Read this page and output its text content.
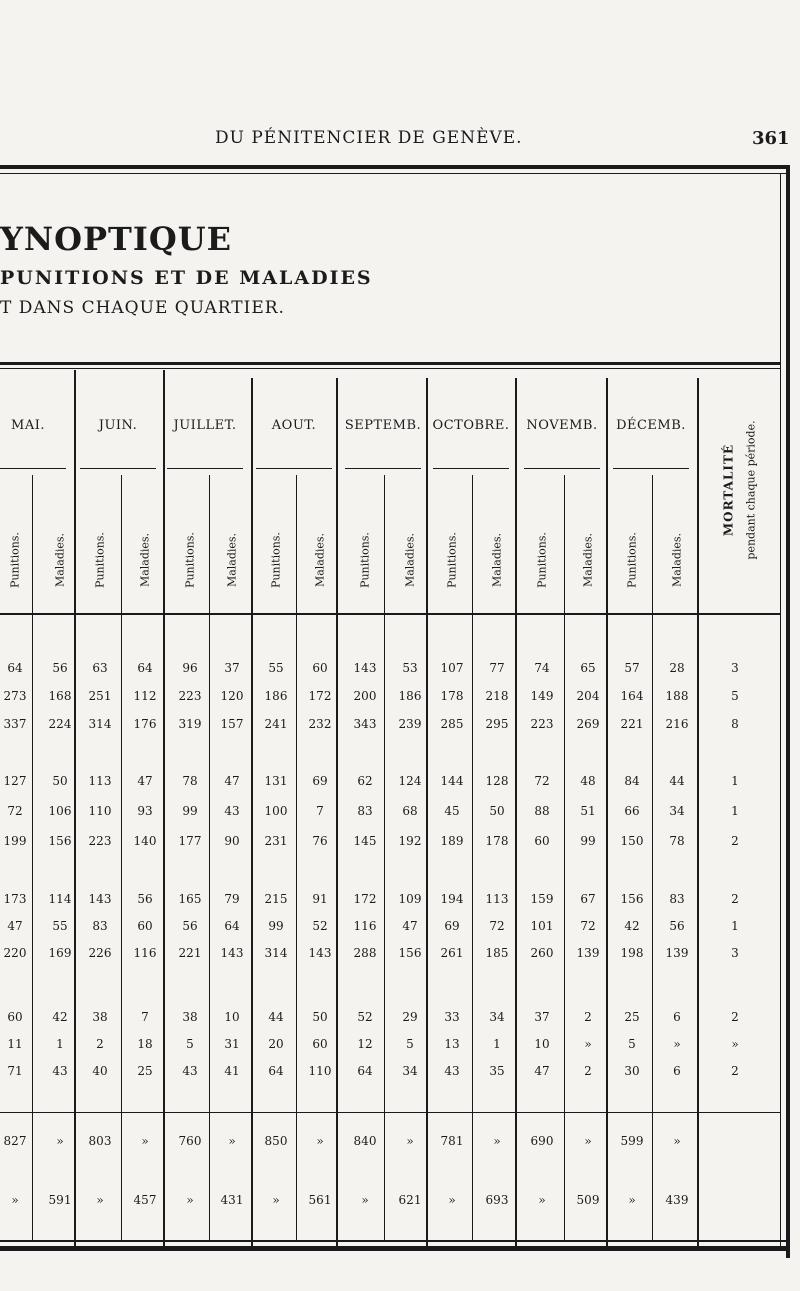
DU PÉNITENCIER DE GENÈVE.	361
YNOPTIQUE
PUNITIONS ET DE MALADIES
T DANS CHAQUE QUARTIER.
MAI.	JUIN.	JUILLET.	AOUT.	SEPTEMB. OCTOBRE.	NOVEMB.	DÉCEMB.
Punitions.	Maladies. Punitions.	Maladies.	Punitions.	Maladies.	Punitions.	Maladies.	Punitions.	Maladies.	Punitions.	Maladies.	Punitions.	Maladies.	Punitions.	Maladies.
MORTALITÉ pendant chaque période.
64 56 63 64 96 37 55 60 143 53 107 77 74	65 57 28	3
273 168 251 112 223 120 186 172 200 186 178 218 149 204 164 188	5
337 224 314 176 319 157 241 232 343 239 285 295 223 269 221 216	8
127 50 113 47 78 47 131 69 62 124 144 128 72	48 84 44	1
72 106 110 93 99 43 100 7	83 68 45 50 88	51 66 34	1
199 156 223 140 177 90 231 76 145 192 189 178 60	99 150 78	2
173 114 143 56 165 79 215 91 172 109 194 113 159 67 156 83	2
47 55 83 60 56 64 99 52 116 47 69 72 101 72 42 56	1
220 169 226 116 221 143 314 143 288 156 261 185 260 139 198 139	3
60 42 38	7	38 10 44 50 52 29 33 34 37	2	25	6	2
11	1	2	18	5	31 20 60 12	5	13	1	10	»	5	»	»
71 43 40 25 43 41 64 110 64 34 43 35 47	2	30	6	2
827 » 803 » 760 » 850 » 840 » 781 » 690	» 599 »
» 591 » 457 » 431 » 561 » 621 » 693 »	509 » 439
